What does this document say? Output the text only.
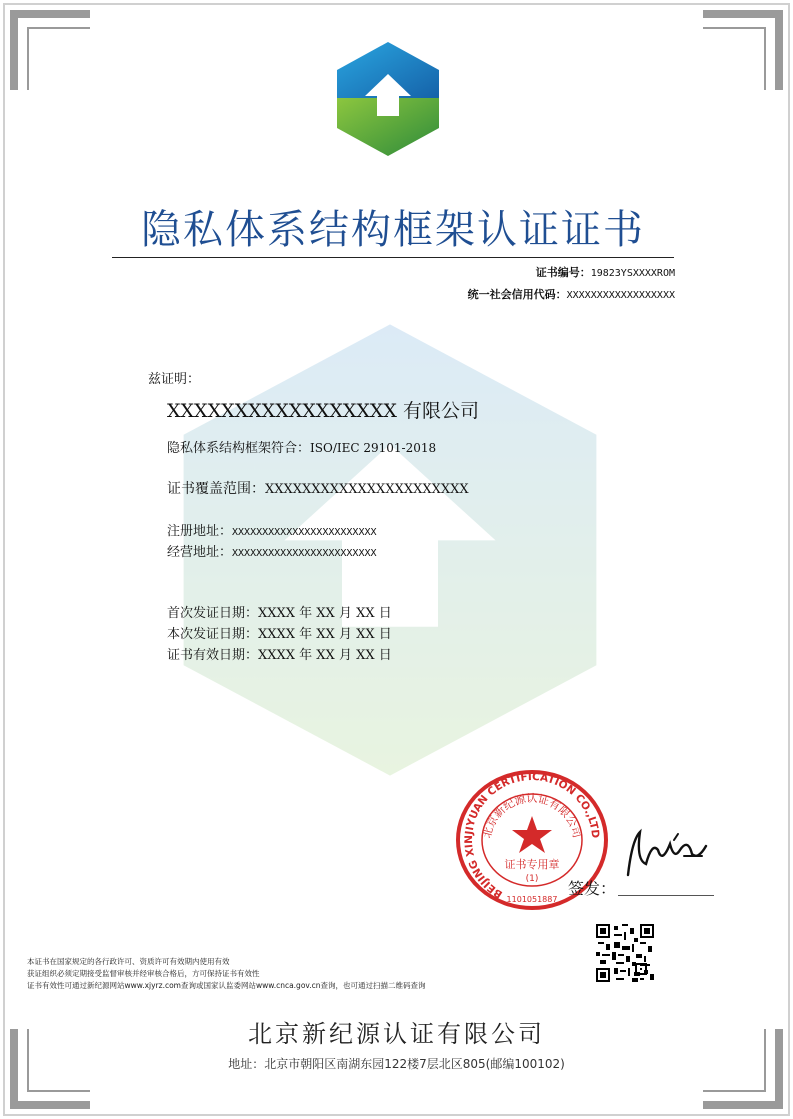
隐私体系结构框架认证证书
证书编号：19823YSXXXXROM
统一社会信用代码：XXXXXXXXXXXXXXXXXX
兹证明：
XXXXXXXXXXXXXXXXX 有限公司
隐私体系结构框架符合：ISO/IEC 29101-2018
证书覆盖范围：XXXXXXXXXXXXXXXXXXXXXX
注册地址：XXXXXXXXXXXXXXXXXXXXXXXX
经营地址：XXXXXXXXXXXXXXXXXXXXXXXX
首次发证日期：XXXX 年 XX 月 XX 日
本次发证日期：XXXX 年 XX 月 XX 日
证书有效日期：XXXX 年 XX 月 XX 日
BEIJING XINJIYUAN CERTIFICATION CO.,LTD
北京新纪源认证有限公司
证书专用章
(1)
1101051887
签发：
本证书在国家规定的各行政许可、资质许可有效期内使用有效
获证组织必须定期接受监督审核并经审核合格后，方可保持证书有效性
证书有效性可通过新纪源网站www.xjyrz.com查询或国家认监委网站www.cnca.gov.cn查询，也可通过扫描二维码查询
北京新纪源认证有限公司
地址：北京市朝阳区南湖东园122楼7层北区805(邮编100102)
